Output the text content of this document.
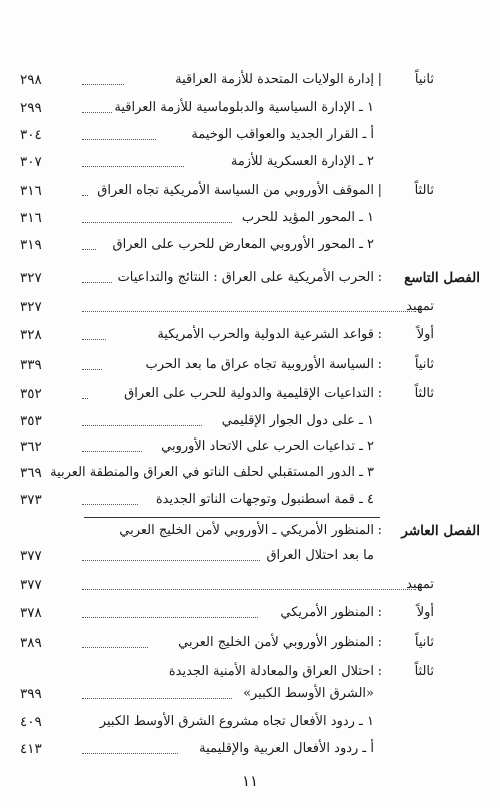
ثانياً
|
إدارة الولايات المتحدة للأزمة العراقية
٢٩٨
١ ـ الإدارة السياسية والدبلوماسية للأزمة العراقية
٢٩٩
أ ـ القرار الجديد والعواقب الوخيمة
٣٠٤
٢ ـ الإدارة العسكرية للأزمة
٣٠٧
ثالثاً
|
الموقف الأوروبي من السياسة الأمريكية تجاه العراق
٣١٦
١ ـ المحور المؤيد للحرب
٣١٦
٢ ـ المحور الأوروبي المعارض للحرب على العراق
٣١٩
الفصل التاسع
:
الحرب الأمريكية على العراق : النتائج والتداعيات
٣٢٧
تمهيد
٣٢٧
أولاً
:
قواعد الشرعية الدولية والحرب الأمريكية
٣٢٨
ثانياً
:
السياسة الأوروبية تجاه عراق ما بعد الحرب
٣٣٩
ثالثاً
:
التداعيات الإقليمية والدولية للحرب على العراق
٣٥٢
١ ـ على دول الجوار الإقليمي
٣٥٣
٢ ـ تداعيات الحرب على الاتحاد الأوروبي
٣٦٢
٣ ـ الدور المستقبلي لحلف الناتو في العراق والمنطقة العربية
٣٦٩
٤ ـ قمة اسطنبول وتوجهات الناتو الجديدة
٣٧٣
الفصل العاشر
:
المنظور الأمريكي ـ الأوروبي لأمن الخليج العربي
ما بعد احتلال العراق
٣٧٧
تمهيد
٣٧٧
أولاً
:
المنظور الأمريكي
٣٧٨
ثانياً
:
المنظور الأوروبي لأمن الخليج العربي
٣٨٩
ثالثاً
:
احتلال العراق والمعادلة الأمنية الجديدة
«الشرق الأوسط الكبير»
٣٩٩
١ ـ ردود الأفعال تجاه مشروع الشرق الأوسط الكبير
٤٠٩
أ ـ ردود الأفعال العربية والإقليمية
٤١٣
١١
